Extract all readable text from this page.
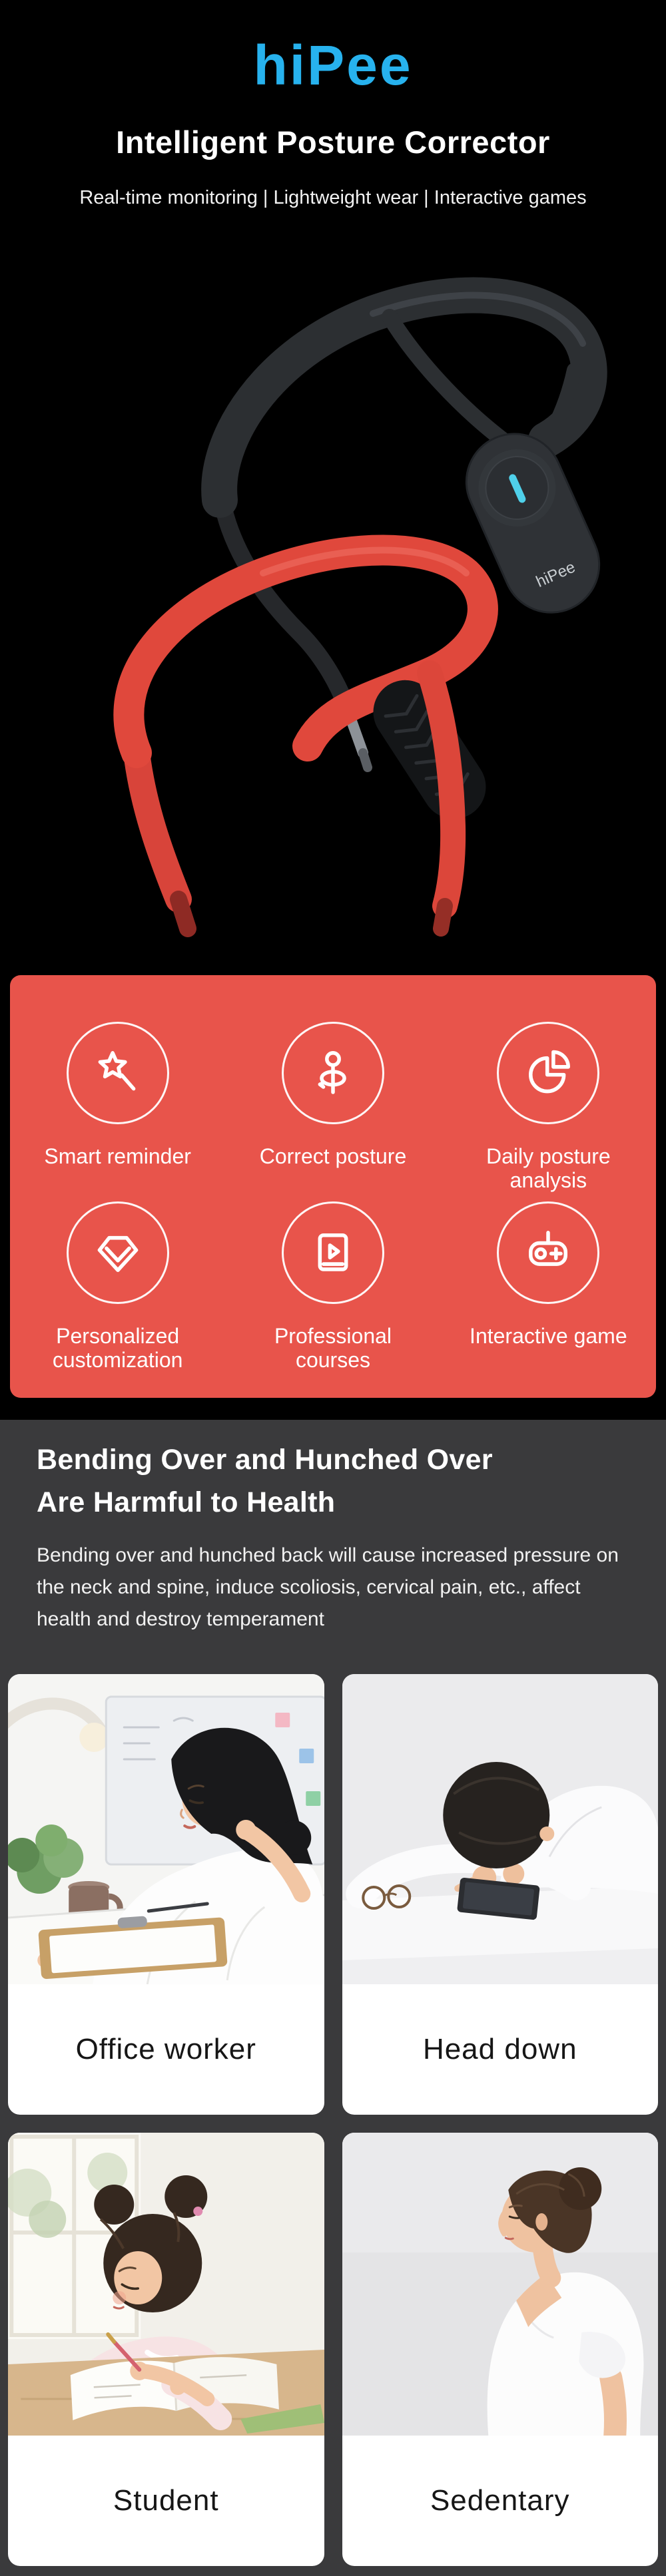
hiPee
Intelligent Posture Corrector
Real-time monitoring | Lightweight wear | Interactive games
hiPee
Smart reminder	Correct posture	Daily posture analysis
Personalized customization
Professional courses
Interactive game
Bending Over and Hunched Over
Are Harmful to Health

Bending over and hunched back will cause increased pressure on the neck and spine, induce scoliosis, cervical pain, etc., affect health and destroy temperament

Office worker	Head down
Student	Sedentary
